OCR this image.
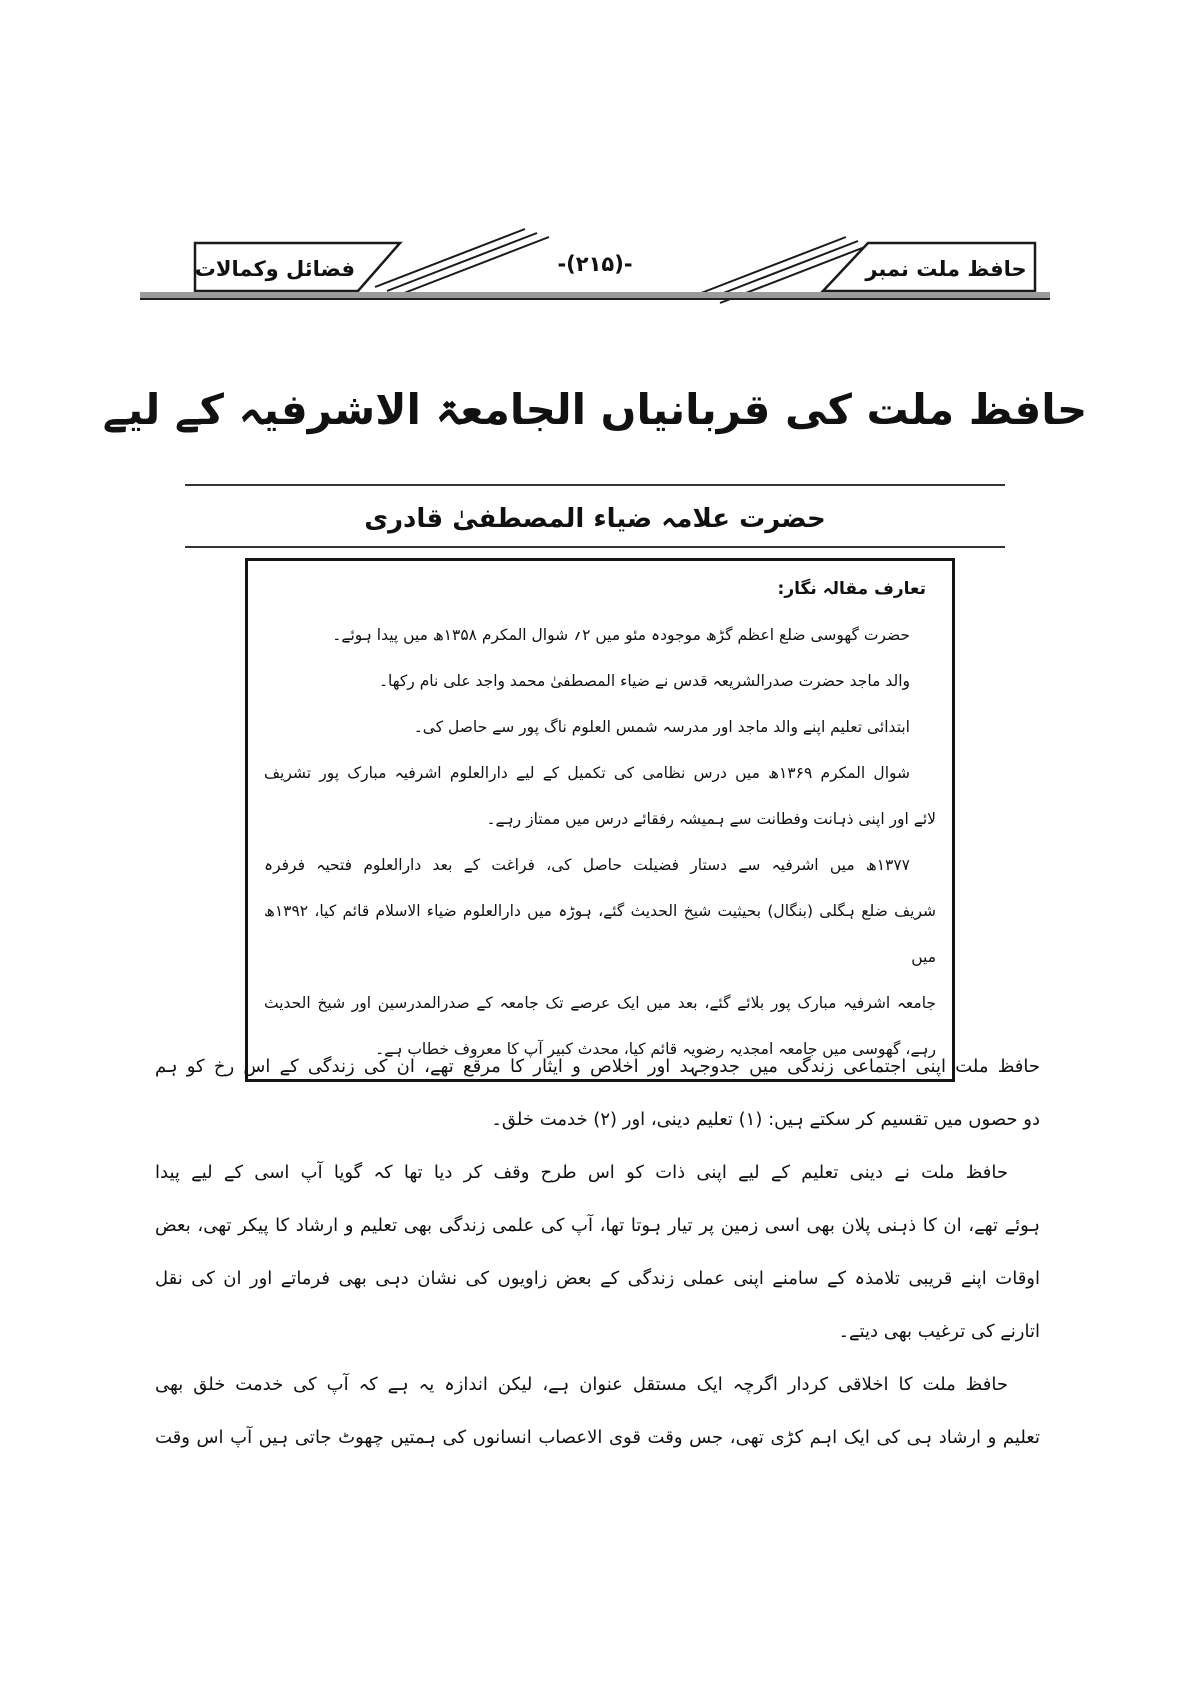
فضائل وکمالات	-(۲۱۵)-	حافظ ملت نمبر
حافظ ملت کی قربانیاں الجامعۃ الاشرفیہ کے لیے
حضرت علامہ ضیاء المصطفیٰ قادری
تعارف مقالہ نگار:
حضرت گھوسی ضلع اعظم گڑھ موجودہ مئو میں ۲؍ شوال المکرم ۱۳۵۸ھ میں پیدا ہوئے۔
والد ماجد حضرت صدرالشریعہ قدس نے ضیاء المصطفیٰ محمد واجد علی نام رکھا۔
ابتدائی تعلیم اپنے والد ماجد اور مدرسہ شمس العلوم ناگ پور سے حاصل کی۔
شوال المکرم ۱۳۶۹ھ میں درس نظامی کی تکمیل کے لیے دارالعلوم اشرفیہ مبارک پور تشریف
لائے اور اپنی ذہانت وفطانت سے ہمیشہ رفقائے درس میں ممتاز رہے۔
۱۳۷۷ھ میں اشرفیہ سے دستار فضیلت حاصل کی، فراغت کے بعد دارالعلوم فتحیہ فرفرہ
شریف ضلع ہگلی (بنگال) بحیثیت شیخ الحدیث گئے، ہوڑہ میں دارالعلوم ضیاء الاسلام قائم کیا، ۱۳۹۲ھ میں
جامعہ اشرفیہ مبارک پور بلائے گئے، بعد میں ایک عرصے تک جامعہ کے صدرالمدرسین اور شیخ الحدیث
رہے، گھوسی میں جامعہ امجدیہ رضویہ قائم کیا، محدث کبیر آپ کا معروف خطاب ہے۔
حافظ ملت اپنی اجتماعی زندگی میں جدوجہد اور اخلاص و ایثار کا مرقع تھے، ان کی زندگی کے اس رخ کو ہم
دو حصوں میں تقسیم کر سکتے ہیں: (۱) تعلیم دینی، اور (۲) خدمت خلق۔
حافظ ملت نے دینی تعلیم کے لیے اپنی ذات کو اس طرح وقف کر دیا تھا کہ گویا آپ اسی کے لیے پیدا
ہوئے تھے، ان کا ذہنی پلان بھی اسی زمین پر تیار ہوتا تھا، آپ کی علمی زندگی بھی تعلیم و ارشاد کا پیکر تھی، بعض
اوقات اپنے قریبی تلامذہ کے سامنے اپنی عملی زندگی کے بعض زاویوں کی نشان دہی بھی فرماتے اور ان کی نقل
اتارنے کی ترغیب بھی دیتے۔
حافظ ملت کا اخلاقی کردار اگرچہ ایک مستقل عنوان ہے، لیکن اندازہ یہ ہے کہ آپ کی خدمت خلق بھی
تعلیم و ارشاد ہی کی ایک اہم کڑی تھی، جس وقت قوی الاعصاب انسانوں کی ہمتیں چھوٹ جاتی ہیں آپ اس وقت
